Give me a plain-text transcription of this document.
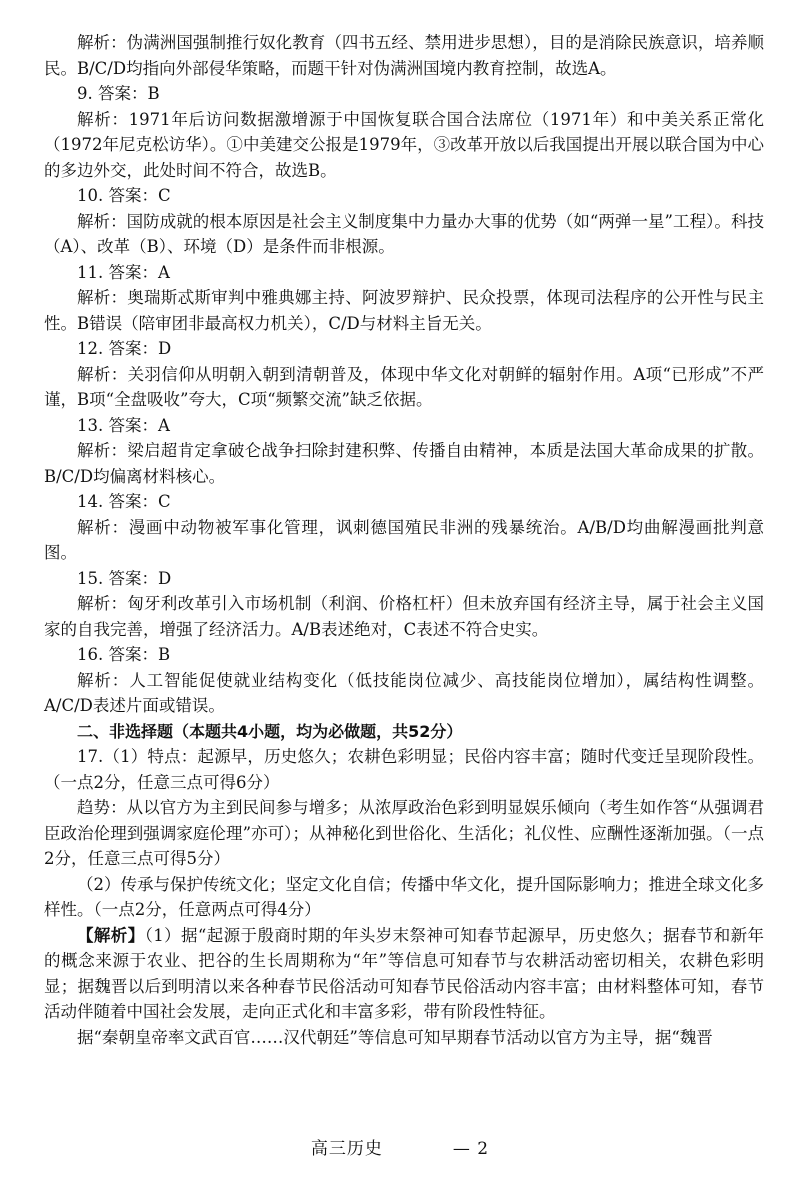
解析：伪满洲国强制推行奴化教育（四书五经、禁用进步思想），目的是消除民族意识，培养顺民。B/C/D均指向外部侵华策略，而题干针对伪满洲国境内教育控制，故选A。

9. 答案：B

解析：1971年后访问数据激增源于中国恢复联合国合法席位（1971年）和中美关系正常化（1972年尼克松访华）。①中美建交公报是1979年，③改革开放以后我国提出开展以联合国为中心的多边外交，此处时间不符合，故选B。

10. 答案：C

解析：国防成就的根本原因是社会主义制度集中力量办大事的优势（如“两弹一星”工程）。科技（A）、改革（B）、环境（D）是条件而非根源。

11. 答案：A

解析：奥瑞斯忒斯审判中雅典娜主持、阿波罗辩护、民众投票，体现司法程序的公开性与民主性。B错误（陪审团非最高权力机关），C/D与材料主旨无关。

12. 答案：D

解析：关羽信仰从明朝入朝到清朝普及，体现中华文化对朝鲜的辐射作用。A项“已形成”不严谨，B项“全盘吸收”夸大，C项“频繁交流”缺乏依据。

13. 答案：A

解析：梁启超肯定拿破仑战争扫除封建积弊、传播自由精神，本质是法国大革命成果的扩散。B/C/D均偏离材料核心。

14. 答案：C

解析：漫画中动物被军事化管理，讽刺德国殖民非洲的残暴统治。A/B/D均曲解漫画批判意图。

15. 答案：D

解析：匈牙利改革引入市场机制（利润、价格杠杆）但未放弃国有经济主导，属于社会主义国家的自我完善，增强了经济活力。A/B表述绝对，C表述不符合史实。

16. 答案：B

解析：人工智能促使就业结构变化（低技能岗位减少、高技能岗位增加），属结构性调整。A/C/D表述片面或错误。

二、非选择题（本题共4小题，均为必做题，共52分）

17.（1）特点：起源早，历史悠久；农耕色彩明显；民俗内容丰富；随时代变迁呈现阶段性。（一点2分，任意三点可得6分）

趋势：从以官方为主到民间参与增多；从浓厚政治色彩到明显娱乐倾向（考生如作答“从强调君臣政治伦理到强调家庭伦理”亦可）；从神秘化到世俗化、生活化；礼仪性、应酬性逐渐加强。（一点2分，任意三点可得5分）

（2）传承与保护传统文化；坚定文化自信；传播中华文化，提升国际影响力；推进全球文化多样性。（一点2分，任意两点可得4分）

【解析】（1）据“起源于殷商时期的年头岁末祭神可知春节起源早，历史悠久；据春节和新年的概念来源于农业、把谷的生长周期称为“年”等信息可知春节与农耕活动密切相关，农耕色彩明显；据魏晋以后到明清以来各种春节民俗活动可知春节民俗活动内容丰富；由材料整体可知，春节活动伴随着中国社会发展，走向正式化和丰富多彩，带有阶段性特征。

据“秦朝皇帝率文武百官……汉代朝廷”等信息可知早期春节活动以官方为主导，据“魏晋

高三历史	— 2
